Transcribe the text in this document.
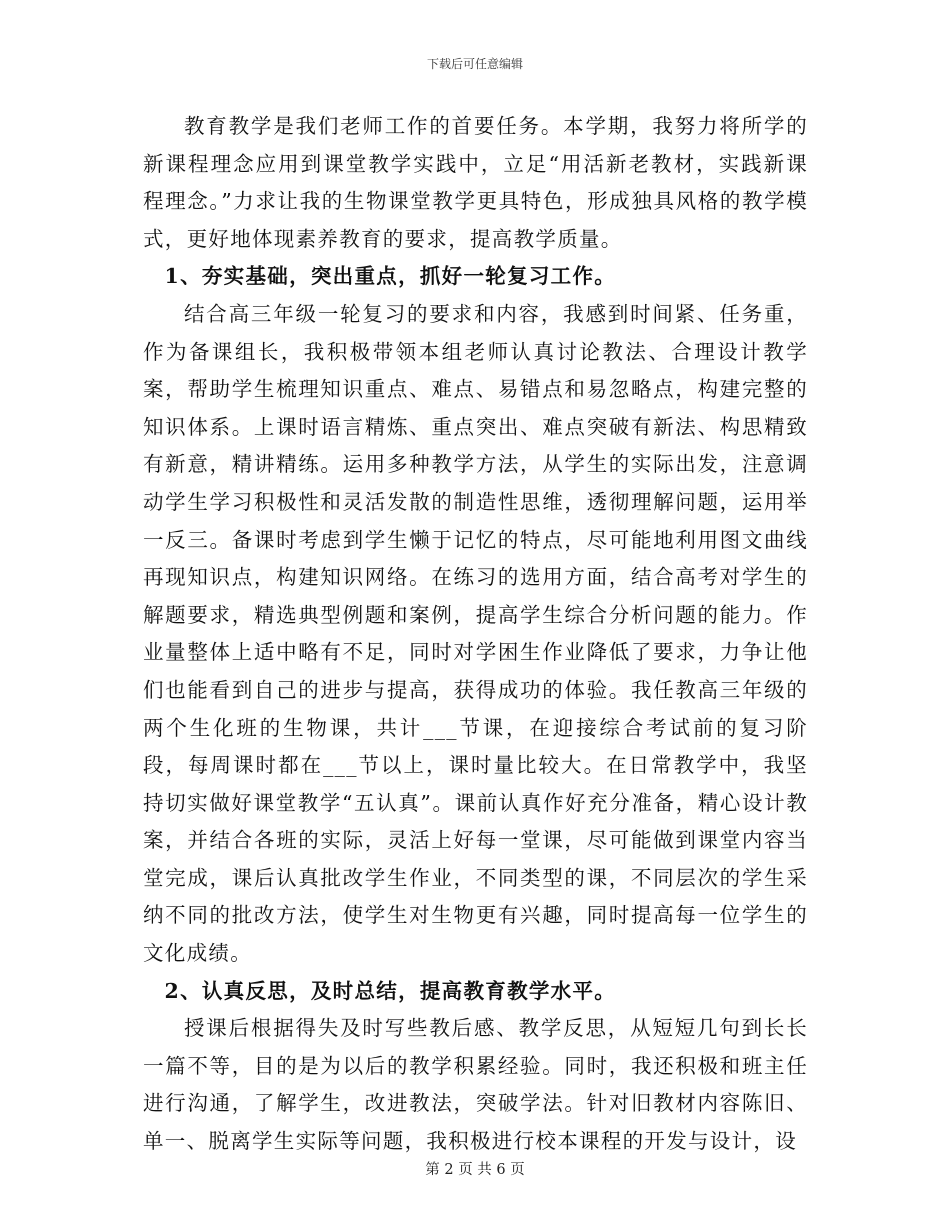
下载后可任意编辑

教育教学是我们老师工作的首要任务。本学期，我努力将所学的新课程理念应用到课堂教学实践中，立足“用活新老教材，实践新课程理念。”力求让我的生物课堂教学更具特色，形成独具风格的教学模式，更好地体现素养教育的要求，提高教学质量。

1、夯实基础，突出重点，抓好一轮复习工作。

结合高三年级一轮复习的要求和内容，我感到时间紧、任务重，作为备课组长，我积极带领本组老师认真讨论教法、合理设计教学案，帮助学生梳理知识重点、难点、易错点和易忽略点，构建完整的知识体系。上课时语言精炼、重点突出、难点突破有新法、构思精致有新意，精讲精练。运用多种教学方法，从学生的实际出发，注意调动学生学习积极性和灵活发散的制造性思维，透彻理解问题，运用举一反三。备课时考虑到学生懒于记忆的特点，尽可能地利用图文曲线再现知识点，构建知识网络。在练习的选用方面，结合高考对学生的解题要求，精选典型例题和案例，提高学生综合分析问题的能力。作业量整体上适中略有不足，同时对学困生作业降低了要求，力争让他们也能看到自己的进步与提高，获得成功的体验。我任教高三年级的两个生化班的生物课，共计___节课，在迎接综合考试前的复习阶段，每周课时都在___节以上，课时量比较大。在日常教学中，我坚持切实做好课堂教学“五认真”。课前认真作好充分准备，精心设计教案，并结合各班的实际，灵活上好每一堂课，尽可能做到课堂内容当堂完成，课后认真批改学生作业，不同类型的课，不同层次的学生采纳不同的批改方法，使学生对生物更有兴趣，同时提高每一位学生的文化成绩。

2、认真反思，及时总结，提高教育教学水平。

授课后根据得失及时写些教后感、教学反思，从短短几句到长长一篇不等，目的是为以后的教学积累经验。同时，我还积极和班主任进行沟通，了解学生，改进教法，突破学法。针对旧教材内容陈旧、单一、脱离学生实际等问题，我积极进行校本课程的开发与设计，设

第 2 页 共 6 页
